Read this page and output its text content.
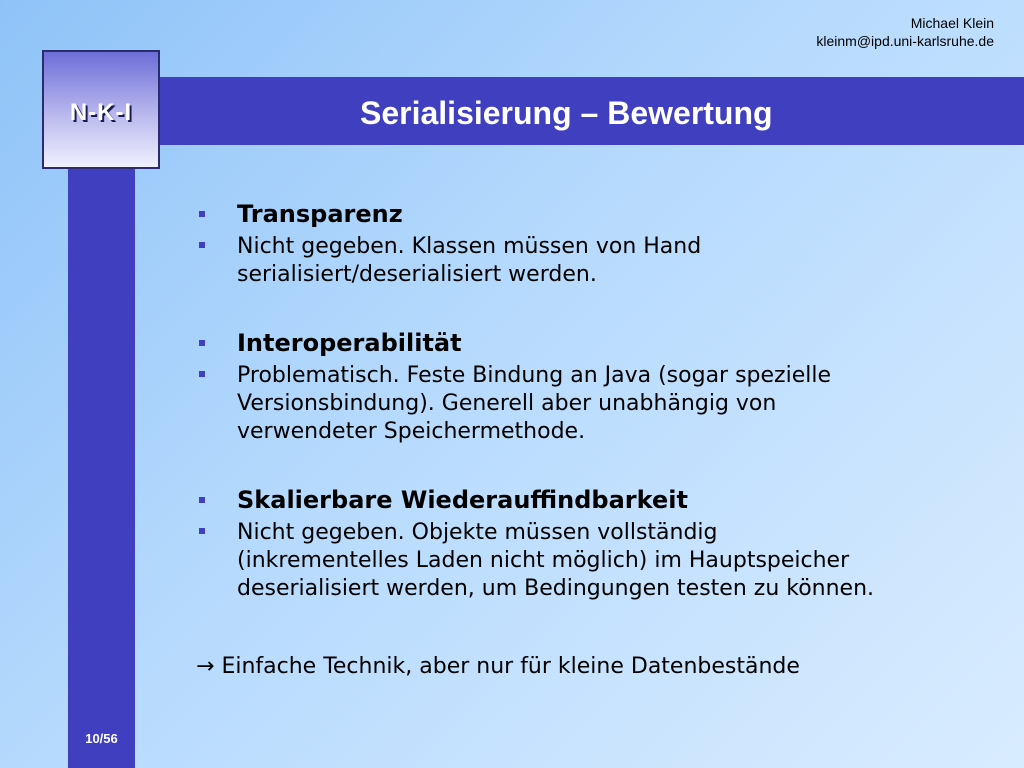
Michael Klein
kleinm@ipd.uni-karlsruhe.de
N-K-I	Serialisierung – Bewertung
Transparenz
Nicht gegeben. Klassen müssen von Hand
serialisiert/deserialisiert werden.
Interoperabilität
Problematisch. Feste Bindung an Java (sogar spezielle
Versionsbindung). Generell aber unabhängig von
verwendeter Speichermethode.
Skalierbare Wiederauffindbarkeit
Nicht gegeben. Objekte müssen vollständig
(inkrementelles Laden nicht möglich) im Hauptspeicher
deserialisiert werden, um Bedingungen testen zu können.
→ Einfache Technik, aber nur für kleine Datenbestände
10/56
